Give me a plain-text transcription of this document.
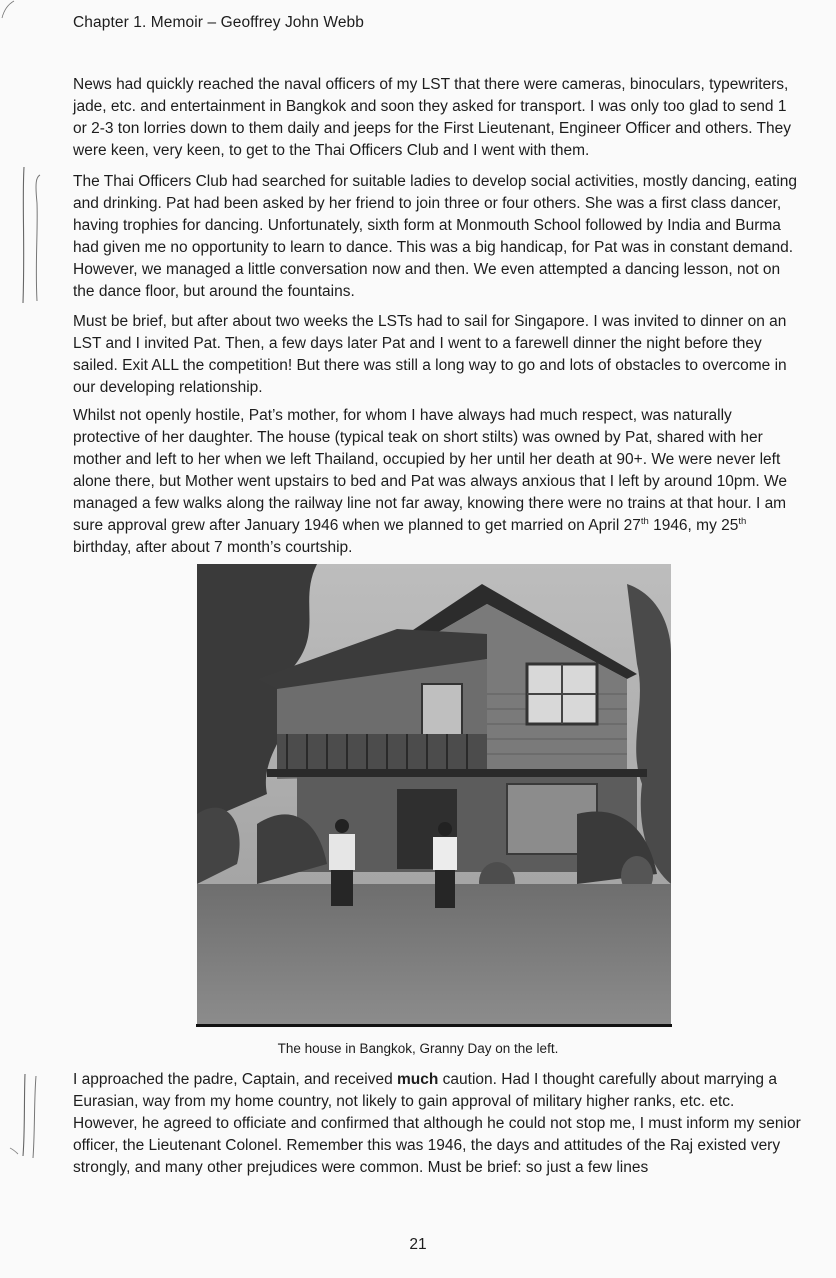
Chapter 1. Memoir – Geoffrey John Webb

News had quickly reached the naval officers of my LST that there were cameras, binoculars, typewriters, jade, etc. and entertainment in Bangkok and soon they asked for transport. I was only too glad to send 1 or 2-3 ton lorries down to them daily and jeeps for the First Lieutenant, Engineer Officer and others. They were keen, very keen, to get to the Thai Officers Club and I went with them.

The Thai Officers Club had searched for suitable ladies to develop social activities, mostly dancing, eating and drinking. Pat had been asked by her friend to join three or four others. She was a first class dancer, having trophies for dancing. Unfortunately, sixth form at Monmouth School followed by India and Burma had given me no opportunity to learn to dance. This was a big handicap, for Pat was in constant demand. However, we managed a little conversation now and then. We even attempted a dancing lesson, not on the dance floor, but around the fountains.

Must be brief, but after about two weeks the LSTs had to sail for Singapore. I was invited to dinner on an LST and I invited Pat. Then, a few days later Pat and I went to a farewell dinner the night before they sailed. Exit ALL the competition! But there was still a long way to go and lots of obstacles to overcome in our developing relationship.

Whilst not openly hostile, Pat’s mother, for whom I have always had much respect, was naturally protective of her daughter. The house (typical teak on short stilts) was owned by Pat, shared with her mother and left to her when we left Thailand, occupied by her until her death at 90+. We were never left alone there, but Mother went upstairs to bed and Pat was always anxious that I left by around 10pm. We managed a few walks along the railway line not far away, knowing there were no trains at that hour. I am sure approval grew after January 1946 when we planned to get married on April 27th 1946, my 25th birthday, after about 7 month’s courtship.

The house in Bangkok, Granny Day on the left.

I approached the padre, Captain, and received much caution. Had I thought carefully about marrying a Eurasian, way from my home country, not likely to gain approval of military higher ranks, etc. etc. However, he agreed to officiate and confirmed that although he could not stop me, I must inform my senior officer, the Lieutenant Colonel. Remember this was 1946, the days and attitudes of the Raj existed very strongly, and many other prejudices were common. Must be brief: so just a few lines

21
